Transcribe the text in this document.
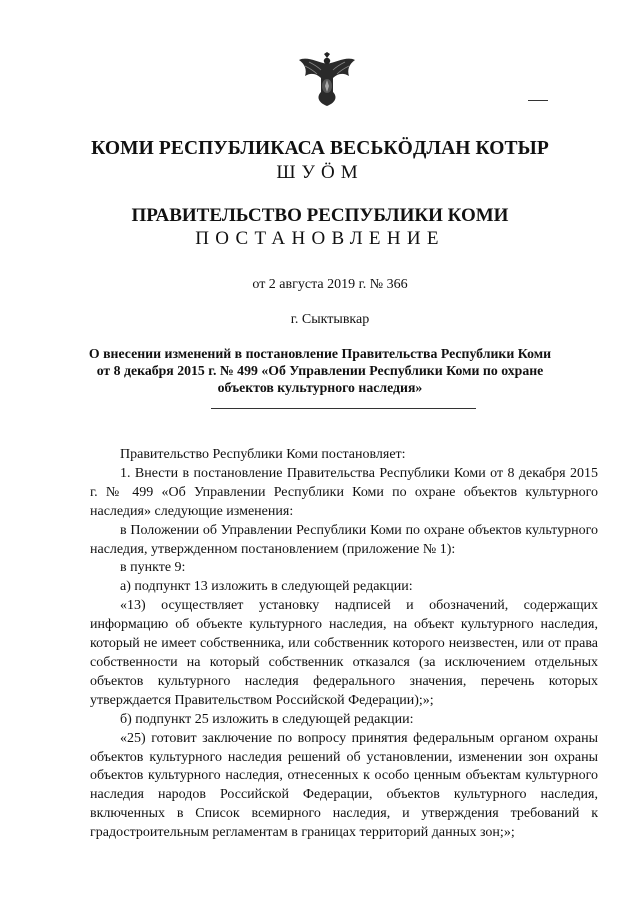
КОМИ РЕСПУБЛИКАСА ВЕСЬКӦДЛАН КОТЫР
ШУӦМ
ПРАВИТЕЛЬСТВО РЕСПУБЛИКИ КОМИ
ПОСТАНОВЛЕНИЕ
от 2 августа 2019 г. № 366
г. Сыктывкар
О внесении изменений в постановление Правительства Республики Коми
от 8 декабря 2015 г. № 499 «Об Управлении Республики Коми по охране
объектов культурного наследия»

Правительство Республики Коми постановляет:

1. Внести в постановление Правительства Республики Коми от 8 декабря 2015 г. № 499 «Об Управлении Республики Коми по охране объектов культурного наследия» следующие изменения:

в Положении об Управлении Республики Коми по охране объектов культурного наследия, утвержденном постановлением (приложение № 1):

в пункте 9:

а) подпункт 13 изложить в следующей редакции:

«13) осуществляет установку надписей и обозначений, содержащих информацию об объекте культурного наследия, на объект культурного наследия, который не имеет собственника, или собственник которого неизвестен, или от права собственности на который собственник отказался (за исключением отдельных объектов культурного наследия федерального значения, перечень которых утверждается Правительством Российской Федерации);»;

б) подпункт 25 изложить в следующей редакции:

«25) готовит заключение по вопросу принятия федеральным органом охраны объектов культурного наследия решений об установлении, изменении зон охраны объектов культурного наследия, отнесенных к особо ценным объектам культурного наследия народов Российской Федерации, объектов культурного наследия, включенных в Список всемирного наследия, и утверждения требований к градостроительным регламентам в границах территорий данных зон;»;
